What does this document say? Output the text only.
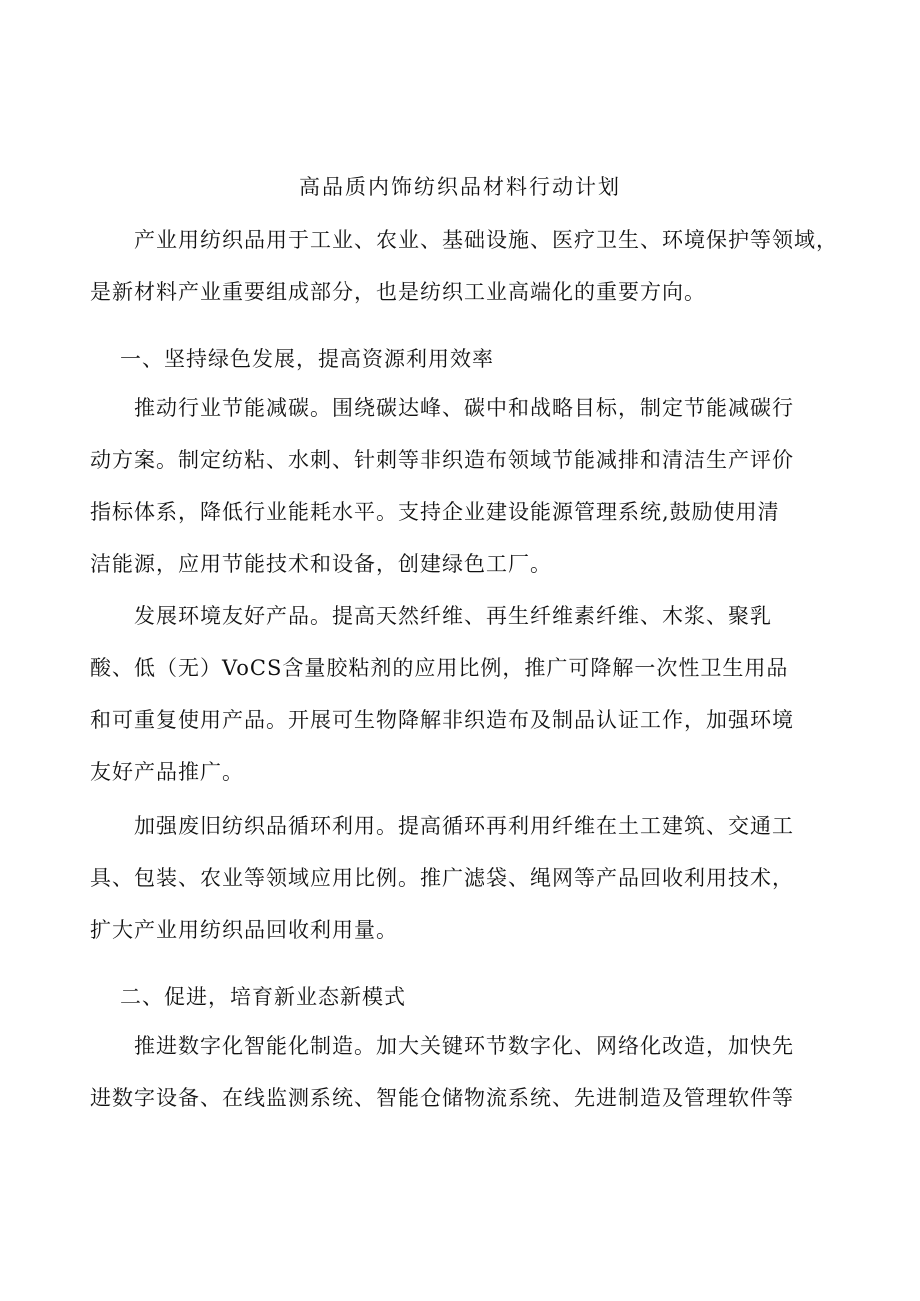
高品质内饰纺织品材料行动计划
产业用纺织品用于工业、农业、基础设施、医疗卫生、环境保护等领域，
是新材料产业重要组成部分，也是纺织工业高端化的重要方向。
一、坚持绿色发展，提高资源利用效率
推动行业节能减碳。围绕碳达峰、碳中和战略目标，制定节能减碳行
动方案。制定纺粘、水刺、针刺等非织造布领域节能减排和清洁生产评价
指标体系，降低行业能耗水平。支持企业建设能源管理系统,鼓励使用清
洁能源，应用节能技术和设备，创建绿色工厂。
发展环境友好产品。提高天然纤维、再生纤维素纤维、木浆、聚乳
酸、低（无）VoCS含量胶粘剂的应用比例，推广可降解一次性卫生用品
和可重复使用产品。开展可生物降解非织造布及制品认证工作，加强环境
友好产品推广。
加强废旧纺织品循环利用。提高循环再利用纤维在土工建筑、交通工
具、包装、农业等领域应用比例。推广滤袋、绳网等产品回收利用技术，
扩大产业用纺织品回收利用量。
二、促进，培育新业态新模式
推进数字化智能化制造。加大关键环节数字化、网络化改造，加快先
进数字设备、在线监测系统、智能仓储物流系统、先进制造及管理软件等
